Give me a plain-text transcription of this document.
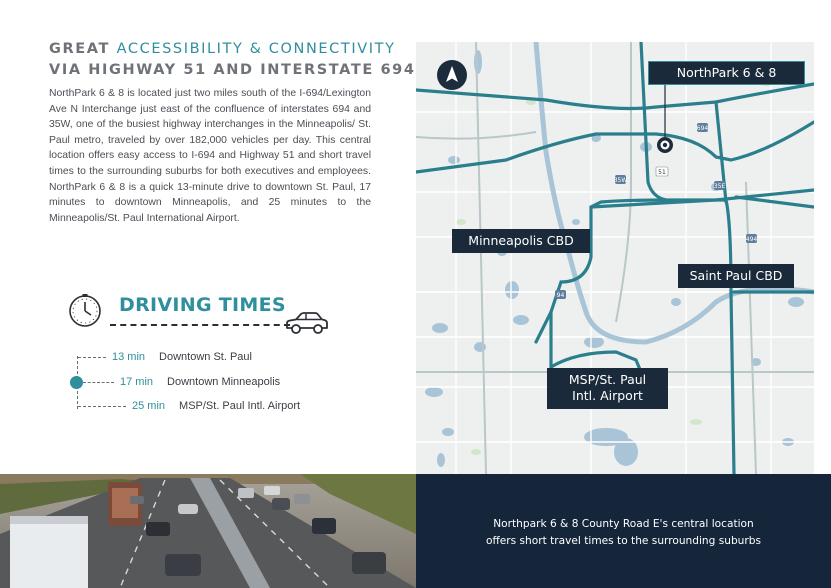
GREAT ACCESSIBILITY & CONNECTIVITY
VIA HIGHWAY 51 AND INTERSTATE 694

NorthPark 6 & 8 is located just two miles south of the I-694/Lexington Ave N Interchange just east of the confluence of interstates 694 and 35W, one of the busiest highway interchanges in the Minneapolis/ St. Paul metro, traveled by over 182,000 vehicles per day. This central location offers easy access to I-694 and Highway 51 and short travel times to the surrounding suburbs for both executives and employees. NorthPark 6 & 8 is a quick 13-minute drive to downtown St. Paul, 17 minutes to downtown Minneapolis, and 25 minutes to the Minneapolis/St. Paul International Airport.

DRIVING TIMES
13 min Downtown St. Paul
17 min Downtown Minneapolis
25 min MSP/St. Paul Intl. Airport
694
35W
51
35E
94
494
NorthPark 6 & 8
Minneapolis CBD
Saint Paul CBD
MSP/St. Paul
Intl. Airport
Northpark 6 & 8 County Road E's central location
offers short travel times to the surrounding suburbs
